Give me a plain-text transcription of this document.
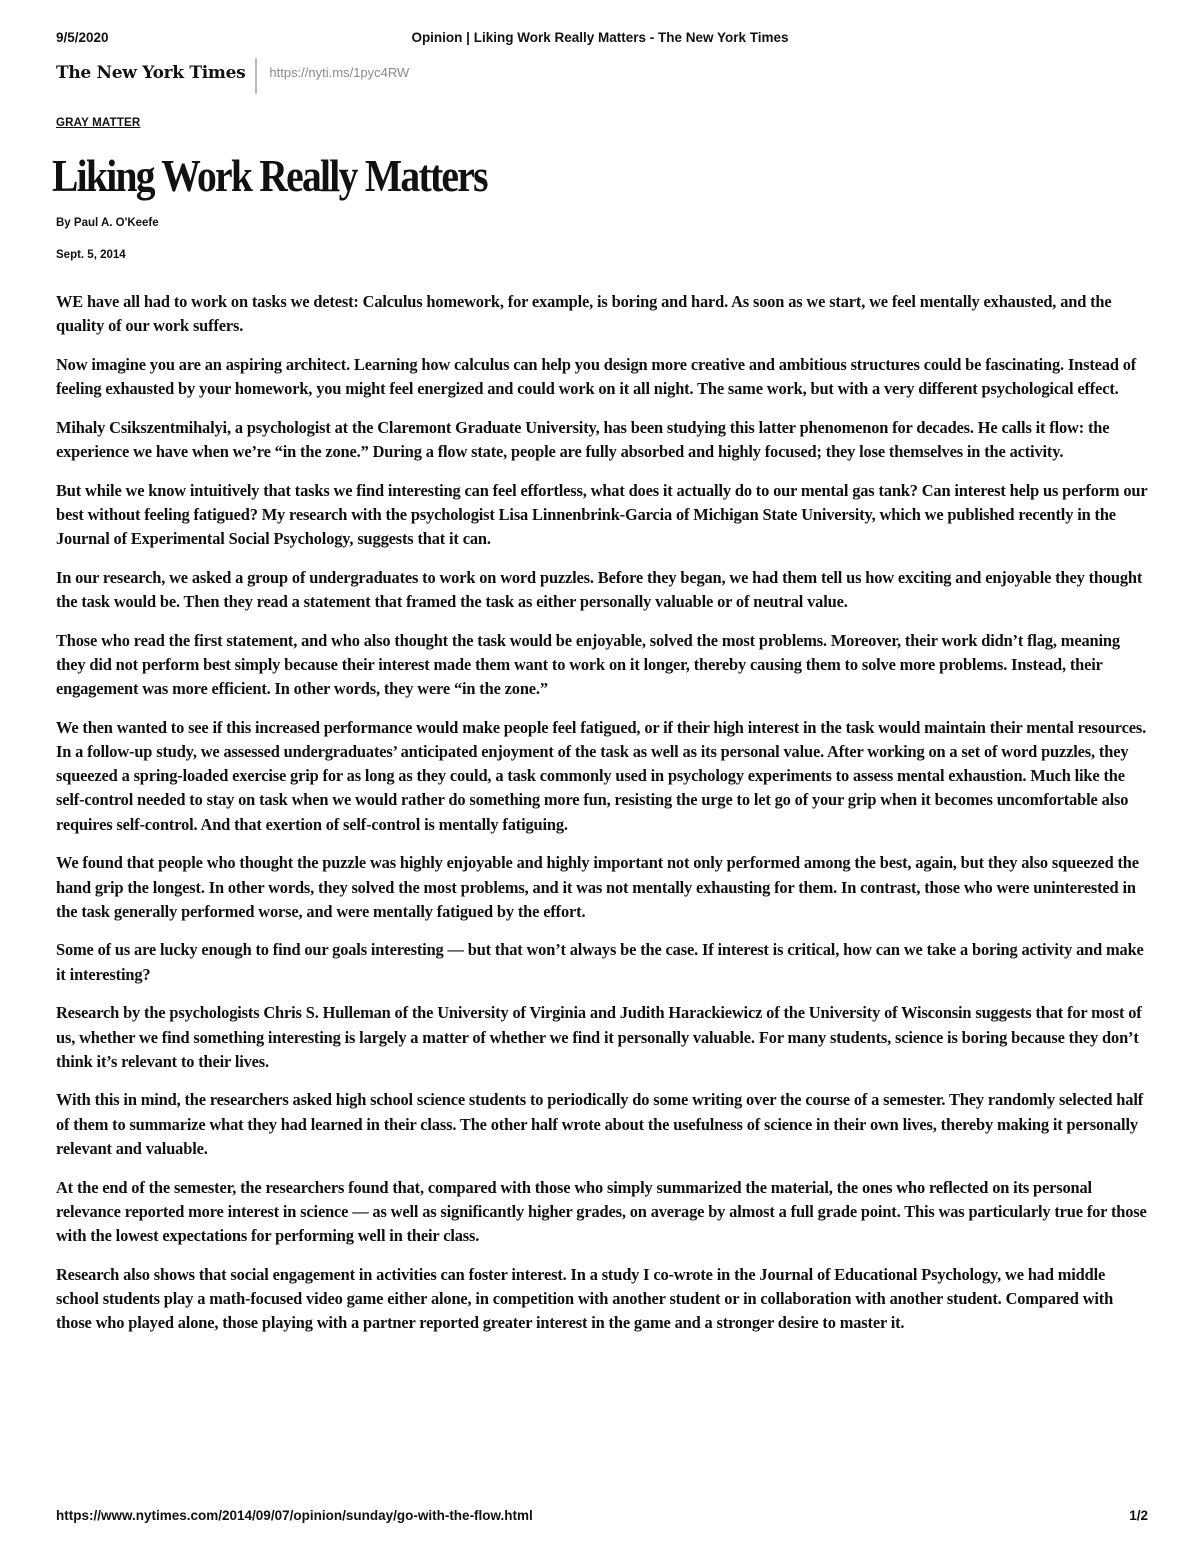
9/5/2020	Opinion | Liking Work Really Matters - The New York Times
The New York Times	https://nyti.ms/1pyc4RW
GRAY MATTER
Liking Work Really Matters
By Paul A. O'Keefe
Sept. 5, 2014

WE have all had to work on tasks we detest: Calculus homework, for example, is boring and hard. As soon as we start, we feel mentally exhausted, and the quality of our work suffers.

Now imagine you are an aspiring architect. Learning how calculus can help you design more creative and ambitious structures could be fascinating. Instead of feeling exhausted by your homework, you might feel energized and could work on it all night. The same work, but with a very different psychological effect.

Mihaly Csikszentmihalyi, a psychologist at the Claremont Graduate University, has been studying this latter phenomenon for decades. He calls it flow: the experience we have when we’re “in the zone.” During a flow state, people are fully absorbed and highly focused; they lose themselves in the activity.

But while we know intuitively that tasks we find interesting can feel effortless, what does it actually do to our mental gas tank? Can interest help us perform our best without feeling fatigued? My research with the psychologist Lisa Linnenbrink-Garcia of Michigan State University, which we published recently in the Journal of Experimental Social Psychology, suggests that it can.

In our research, we asked a group of undergraduates to work on word puzzles. Before they began, we had them tell us how exciting and enjoyable they thought the task would be. Then they read a statement that framed the task as either personally valuable or of neutral value.

Those who read the first statement, and who also thought the task would be enjoyable, solved the most problems. Moreover, their work didn’t flag, meaning they did not perform best simply because their interest made them want to work on it longer, thereby causing them to solve more problems. Instead, their engagement was more efficient. In other words, they were “in the zone.”

We then wanted to see if this increased performance would make people feel fatigued, or if their high interest in the task would maintain their mental resources. In a follow-up study, we assessed undergraduates’ anticipated enjoyment of the task as well as its personal value. After working on a set of word puzzles, they squeezed a spring-loaded exercise grip for as long as they could, a task commonly used in psychology experiments to assess mental exhaustion. Much like the self-control needed to stay on task when we would rather do something more fun, resisting the urge to let go of your grip when it becomes uncomfortable also requires self-control. And that exertion of self-control is mentally fatiguing.

We found that people who thought the puzzle was highly enjoyable and highly important not only performed among the best, again, but they also squeezed the hand grip the longest. In other words, they solved the most problems, and it was not mentally exhausting for them. In contrast, those who were uninterested in the task generally performed worse, and were mentally fatigued by the effort.

Some of us are lucky enough to find our goals interesting — but that won’t always be the case. If interest is critical, how can we take a boring activity and make it interesting?

Research by the psychologists Chris S. Hulleman of the University of Virginia and Judith Harackiewicz of the University of Wisconsin suggests that for most of us, whether we find something interesting is largely a matter of whether we find it personally valuable. For many students, science is boring because they don’t think it’s relevant to their lives.

With this in mind, the researchers asked high school science students to periodically do some writing over the course of a semester. They randomly selected half of them to summarize what they had learned in their class. The other half wrote about the usefulness of science in their own lives, thereby making it personally relevant and valuable.

At the end of the semester, the researchers found that, compared with those who simply summarized the material, the ones who reflected on its personal relevance reported more interest in science — as well as significantly higher grades, on average by almost a full grade point. This was particularly true for those with the lowest expectations for performing well in their class.

Research also shows that social engagement in activities can foster interest. In a study I co-wrote in the Journal of Educational Psychology, we had middle school students play a math-focused video game either alone, in competition with another student or in collaboration with another student. Compared with those who played alone, those playing with a partner reported greater interest in the game and a stronger desire to master it.

https://www.nytimes.com/2014/09/07/opinion/sunday/go-with-the-flow.html	1/2
